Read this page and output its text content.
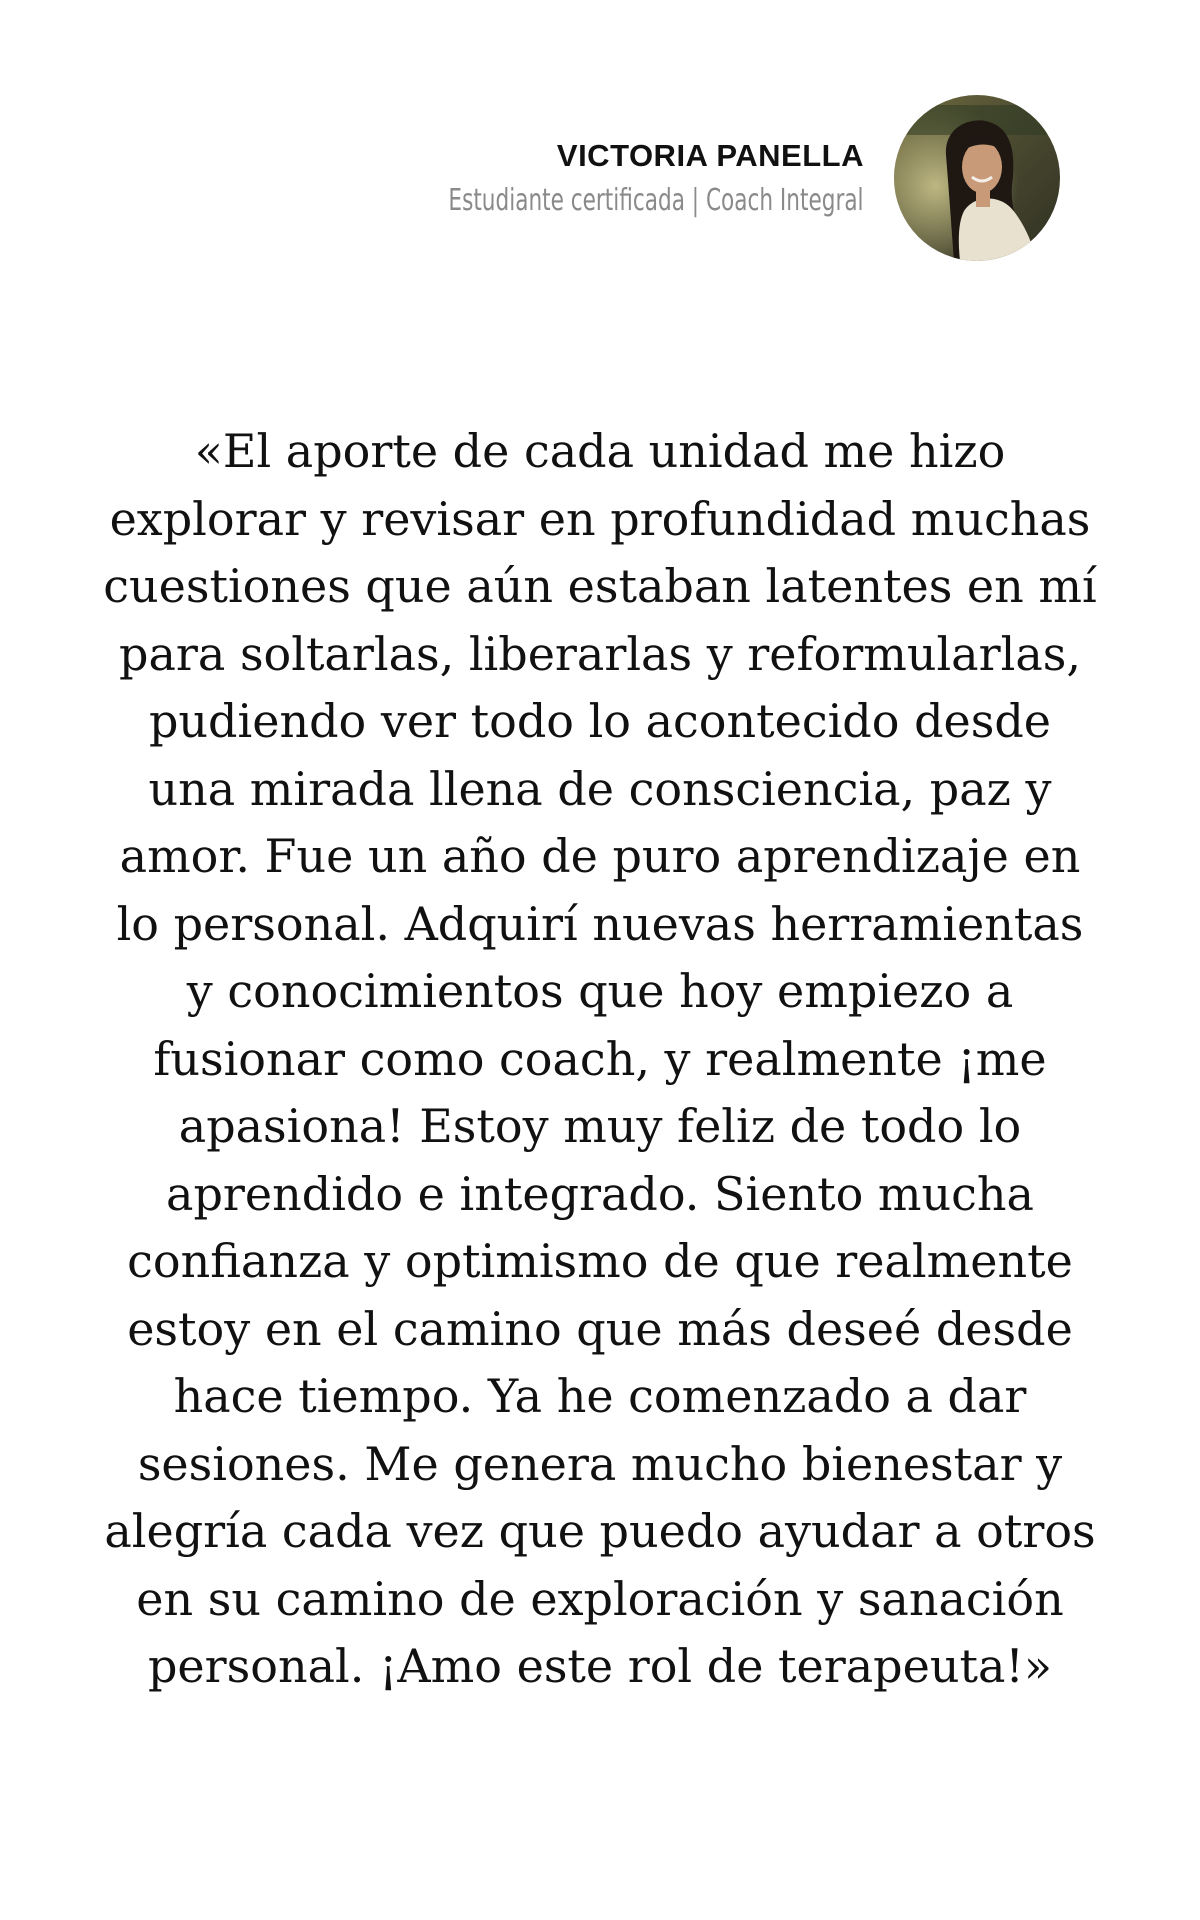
VICTORIA PANELLA
Estudiante certificada | Coach Integral

«El aporte de cada unidad me hizo
explorar y revisar en profundidad muchas
cuestiones que aún estaban latentes en mí
para soltarlas, liberarlas y reformularlas,
pudiendo ver todo lo acontecido desde
una mirada llena de consciencia, paz y
amor. Fue un año de puro aprendizaje en
lo personal. Adquirí nuevas herramientas
y conocimientos que hoy empiezo a
fusionar como coach, y realmente ¡me
apasiona! Estoy muy feliz de todo lo
aprendido e integrado. Siento mucha
confianza y optimismo de que realmente
estoy en el camino que más deseé desde
hace tiempo. Ya he comenzado a dar
sesiones. Me genera mucho bienestar y
alegría cada vez que puedo ayudar a otros
en su camino de exploración y sanación
personal. ¡Amo este rol de terapeuta!»
